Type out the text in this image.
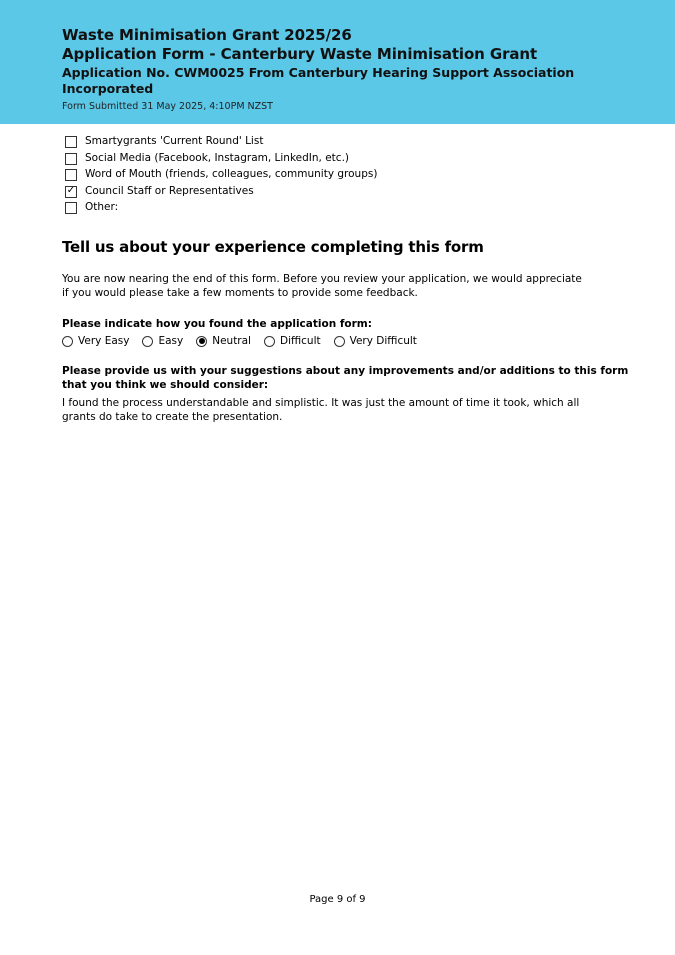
Waste Minimisation Grant 2025/26
Application Form - Canterbury Waste Minimisation Grant
Application No. CWM0025 From Canterbury Hearing Support Association Incorporated
Form Submitted 31 May 2025, 4:10PM NZST
Smartygrants 'Current Round' List
Social Media (Facebook, Instagram, LinkedIn, etc.)
Word of Mouth (friends, colleagues, community groups)
✓
Council Staff or Representatives
Other:
Tell us about your experience completing this form
You are now nearing the end of this form. Before you review your application, we would appreciate if you would please take a few moments to provide some feedback.
Please indicate how you found the application form:
Very Easy	Easy	Neutral	Difficult	Very Difficult
Please provide us with your suggestions about any improvements and/or additions to this form that you think we should consider:
I found the process understandable and simplistic. It was just the amount of time it took, which all grants do take to create the presentation.
Page 9 of 9
